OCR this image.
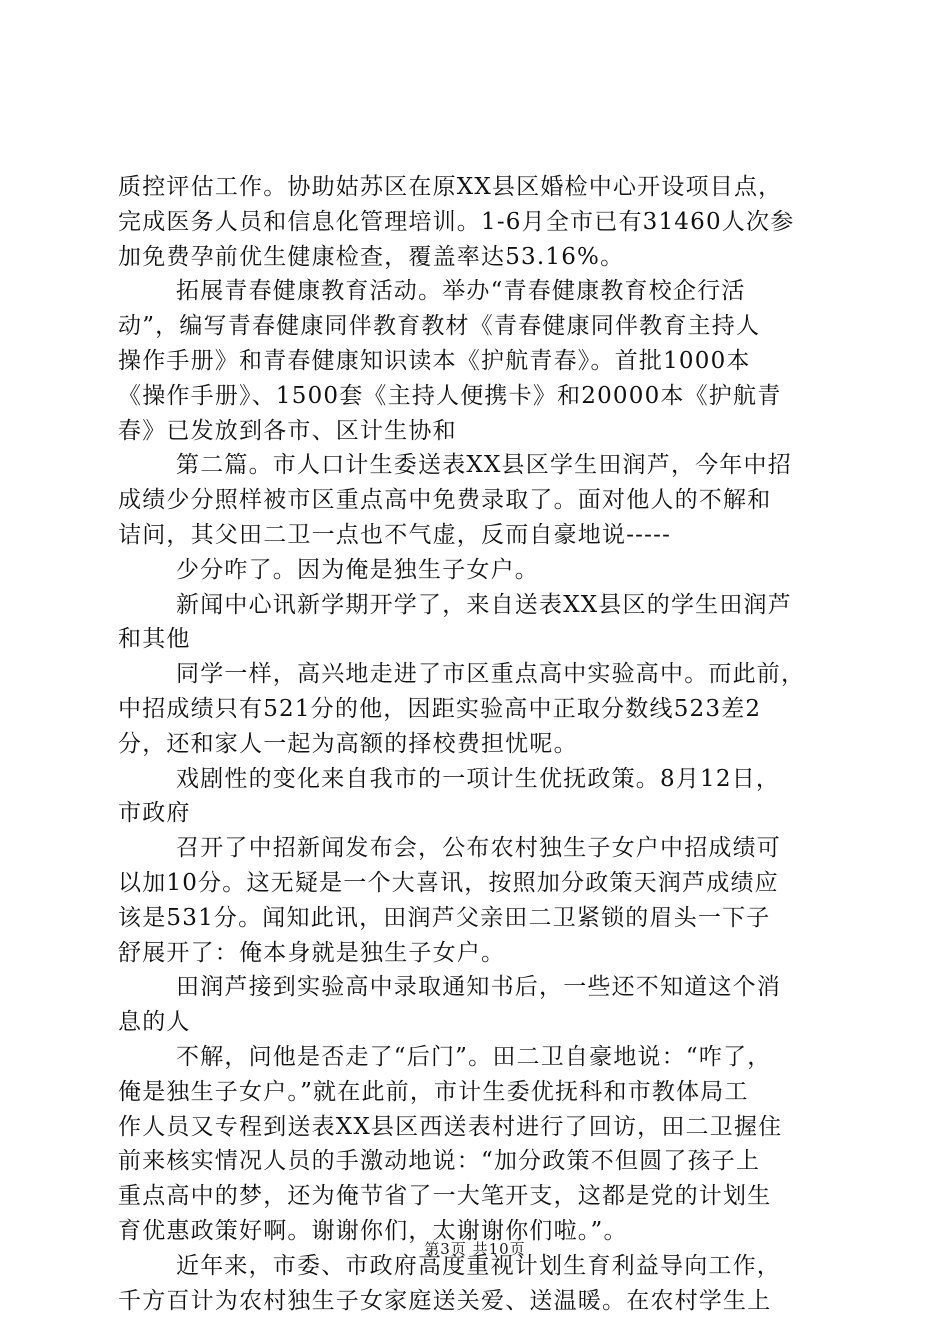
质控评估工作。协助姑苏区在原XX县区婚检中心开设项目点，
完成医务人员和信息化管理培训。1-6月全市已有31460人次参
加免费孕前优生健康检查，覆盖率达53.16%。
拓展青春健康教育活动。举办“青春健康教育校企行活
动”，编写青春健康同伴教育教材《青春健康同伴教育主持人
操作手册》和青春健康知识读本《护航青春》。首批1000本
《操作手册》、1500套《主持人便携卡》和20000本《护航青
春》已发放到各市、区计生协和
第二篇。市人口计生委送表XX县区学生田润芦，今年中招
成绩少分照样被市区重点高中免费录取了。面对他人的不解和
诘问，其父田二卫一点也不气虚，反而自豪地说-----
少分咋了。因为俺是独生子女户。
新闻中心讯新学期开学了，来自送表XX县区的学生田润芦
和其他
同学一样，高兴地走进了市区重点高中实验高中。而此前，
中招成绩只有521分的他，因距实验高中正取分数线523差2
分，还和家人一起为高额的择校费担忧呢。
戏剧性的变化来自我市的一项计生优抚政策。8月12日，
市政府
召开了中招新闻发布会，公布农村独生子女户中招成绩可
以加10分。这无疑是一个大喜讯，按照加分政策天润芦成绩应
该是531分。闻知此讯，田润芦父亲田二卫紧锁的眉头一下子
舒展开了：俺本身就是独生子女户。
田润芦接到实验高中录取通知书后，一些还不知道这个消
息的人
不解，问他是否走了“后门”。田二卫自豪地说：“咋了，
俺是独生子女户。”就在此前，市计生委优抚科和市教体局工
作人员又专程到送表XX县区西送表村进行了回访，田二卫握住
前来核实情况人员的手激动地说：“加分政策不但圆了孩子上
重点高中的梦，还为俺节省了一大笔开支，这都是党的计划生
育优惠政策好啊。谢谢你们，太谢谢你们啦。”。
近年来，市委、市政府高度重视计划生育利益导向工作，
千方百计为农村独生子女家庭送关爱、送温暖。在农村学生上
第3页 共10页
